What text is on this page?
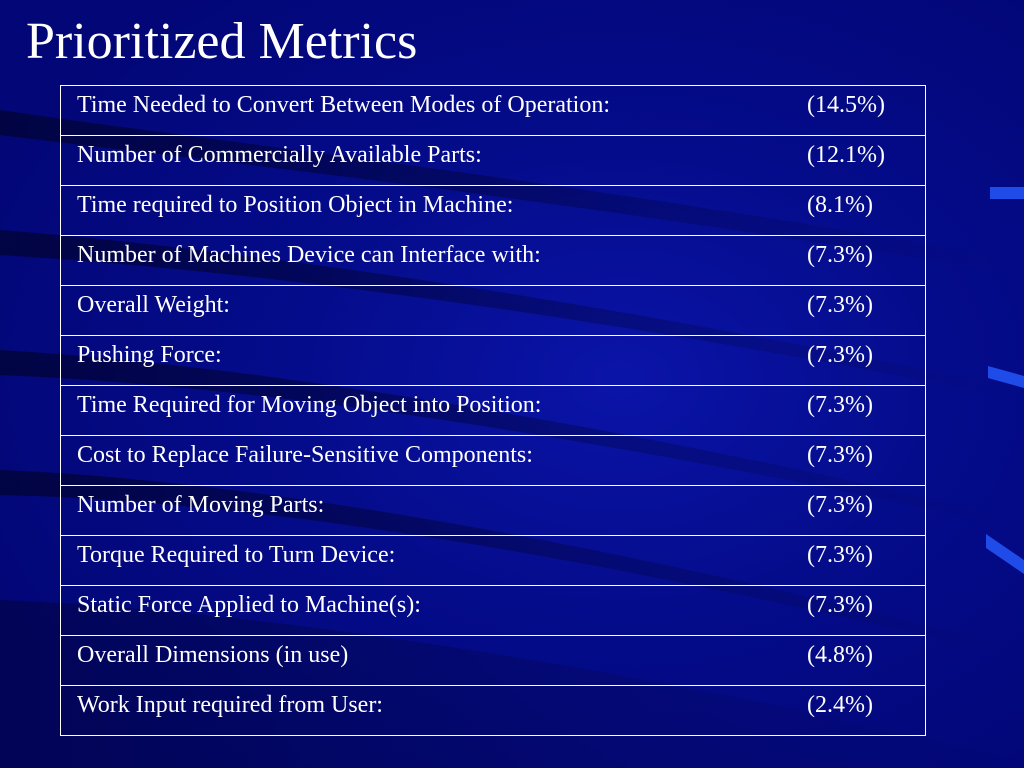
Prioritized Metrics
Time Needed to Convert Between Modes of Operation:	(14.5%)

Number of Commercially Available Parts:	(12.1%)

Time required to Position Object in Machine:	(8.1%)

Number of Machines Device can Interface with:	(7.3%)

Overall Weight:	(7.3%)

Pushing Force:	(7.3%)

Time Required for Moving Object into Position:	(7.3%)

Cost to Replace Failure-Sensitive Components:	(7.3%)

Number of Moving Parts:	(7.3%)

Torque Required to Turn Device:	(7.3%)

Static Force Applied to Machine(s):	(7.3%)

Overall Dimensions (in use)	(4.8%)

Work Input required from User:	(2.4%)
